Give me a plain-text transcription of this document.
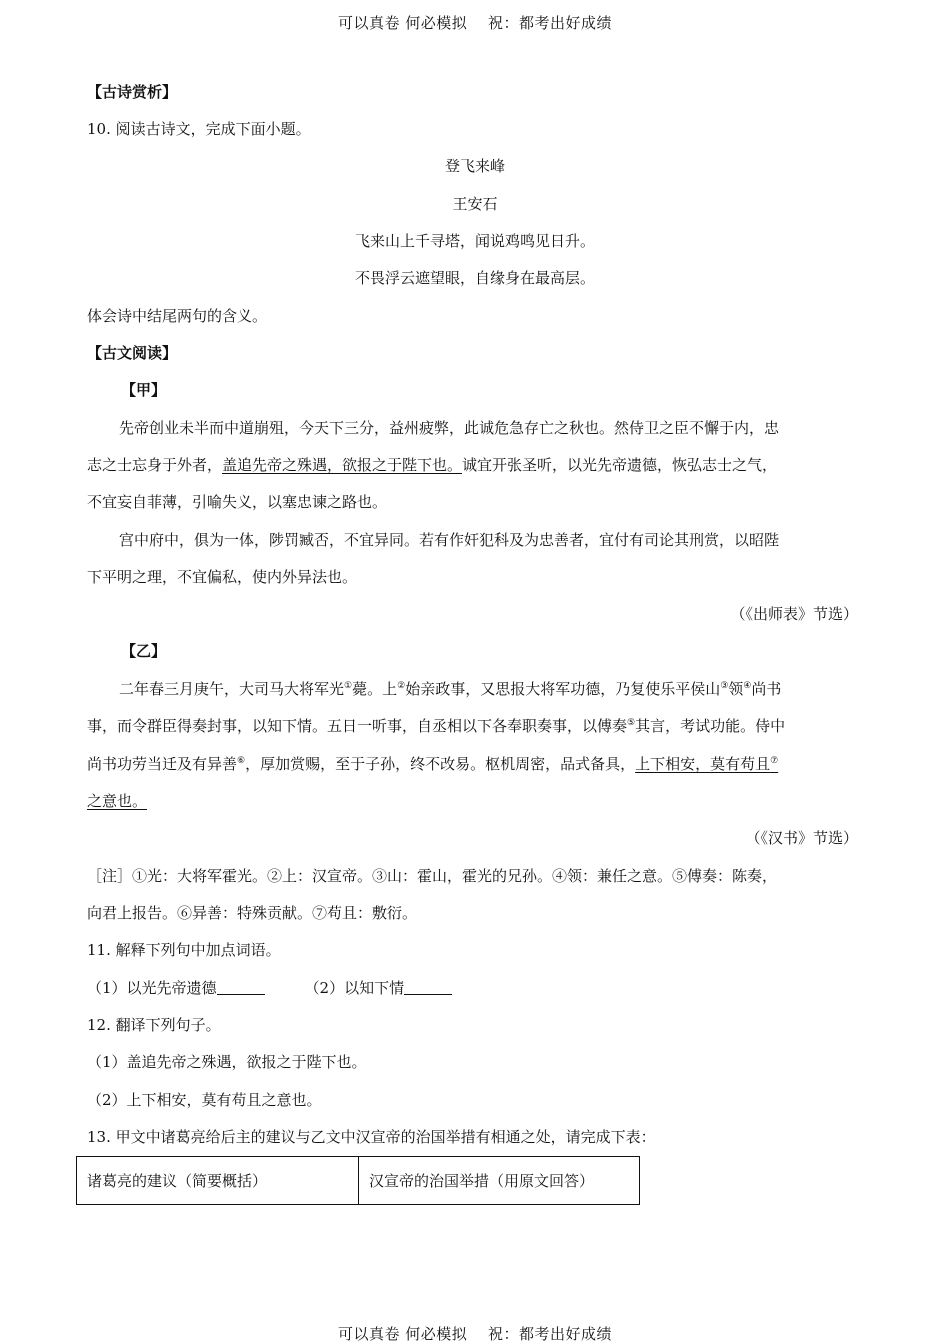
可以真卷 何必模拟　 祝：都考出好成绩
【古诗赏析】
10. 阅读古诗文，完成下面小题。
登飞来峰
王安石
飞来山上千寻塔，闻说鸡鸣见日升。
不畏浮云遮望眼，自缘身在最高层。
体会诗中结尾两句的含义。
【古文阅读】
【甲】
先帝创业未半而中道崩殂，今天下三分，益州疲弊，此诚危急存亡之秋也。然侍卫之臣不懈于内，忠
志之士忘身于外者，盖追先帝之殊遇，欲报之于陛下也。诚宜开张圣听，以光先帝遗德，恢弘志士之气，
不宜妄自菲薄，引喻失义，以塞忠谏之路也。
宫中府中，俱为一体，陟罚臧否，不宜异同。若有作奸犯科及为忠善者，宜付有司论其刑赏，以昭陛
下平明之理，不宜偏私，使内外异法也。
（《出师表》节选）
【乙】
二年春三月庚午，大司马大将军光①薨。上②始亲政事，又思报大将军功德，乃复使乐平侯山③领④尚书
事，而令群臣得奏封事，以知下情。五日一听事，自丞相以下各奉职奏事，以傅奏⑤其言，考试功能。侍中
尚书功劳当迁及有异善⑥，厚加赏赐，至于子孙，终不改易。枢机周密，品式备具，上下相安，莫有苟且⑦
之意也。
（《汉书》节选）
［注］①光：大将军霍光。②上：汉宣帝。③山：霍山，霍光的兄孙。④领：兼任之意。⑤傅奏：陈奏，
向君上报告。⑥异善：特殊贡献。⑦苟且：敷衍。
11. 解释下列句中加点词语。
（1）以光先帝遗德	（2）以知下情
12. 翻译下列句子。
（1）盖追先帝之殊遇，欲报之于陛下也。
（2）上下相安，莫有苟且之意也。
13. 甲文中诸葛亮给后主的建议与乙文中汉宣帝的治国举措有相通之处，请完成下表：
诸葛亮的建议（简要概括）	汉宣帝的治国举措（用原文回答）
可以真卷 何必模拟　 祝：都考出好成绩
